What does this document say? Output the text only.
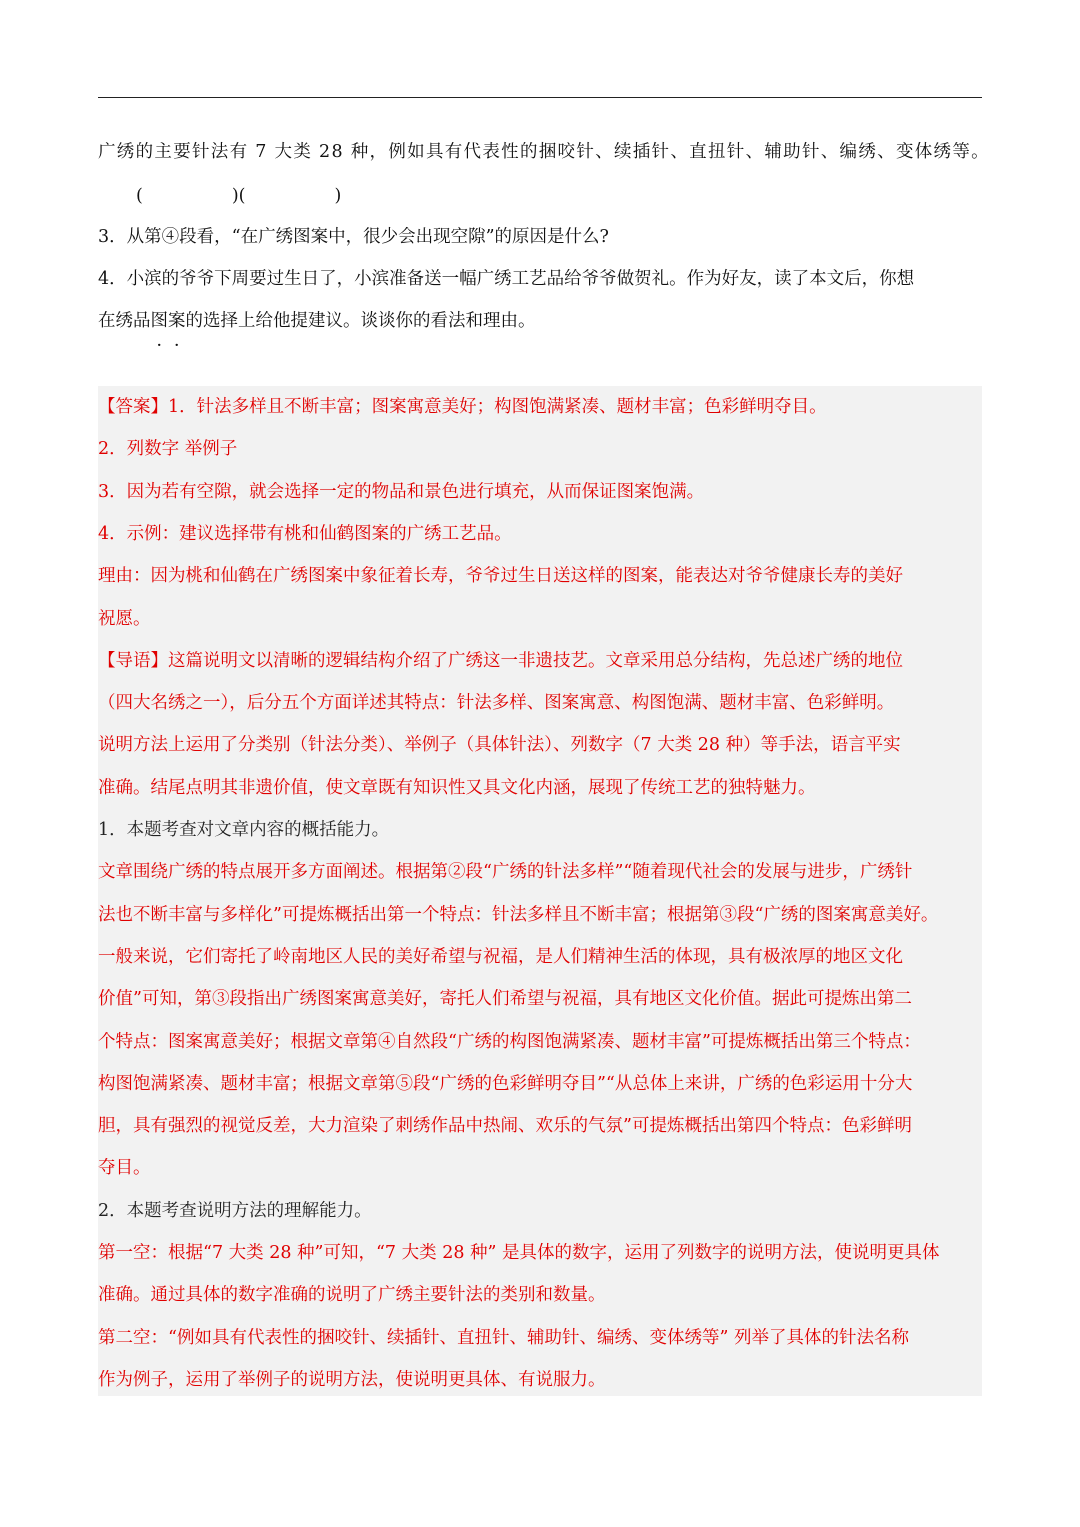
广绣的主要针法有 7 大类 28 种，例如具有代表性的捆咬针、续插针、直扭针、辅助针、编绣、变体绣等。
(                )(                )
3．从第④段看，“在广绣图案中，很少会出现空隙”的原因是什么?
4．小滨的爷爷下周要过生日了，小滨准备送一幅广绣工艺品给爷爷做贺礼。作为好友，读了本文后，你想
在绣品图案的选择上给他提建议。谈谈你的看法和理由。
【答案】1．针法多样且不断丰富；图案寓意美好；构图饱满紧凑、题材丰富；色彩鲜明夺目。
2．列数字 举例子
3．因为若有空隙，就会选择一定的物品和景色进行填充，从而保证图案饱满。
4．示例：建议选择带有桃和仙鹤图案的广绣工艺品。
理由：因为桃和仙鹤在广绣图案中象征着长寿，爷爷过生日送这样的图案，能表达对爷爷健康长寿的美好
祝愿。
【导语】这篇说明文以清晰的逻辑结构介绍了广绣这一非遗技艺。文章采用总分结构，先总述广绣的地位
（四大名绣之一），后分五个方面详述其特点：针法多样、图案寓意、构图饱满、题材丰富、色彩鲜明。
说明方法上运用了分类别（针法分类）、举例子（具体针法）、列数字（7 大类 28 种）等手法，语言平实
准确。结尾点明其非遗价值，使文章既有知识性又具文化内涵，展现了传统工艺的独特魅力。
1．本题考查对文章内容的概括能力。
文章围绕广绣的特点展开多方面阐述。根据第②段“广绣的针法多样”“随着现代社会的发展与进步，广绣针
法也不断丰富与多样化”可提炼概括出第一个特点：针法多样且不断丰富；根据第③段“广绣的图案寓意美好。
一般来说，它们寄托了岭南地区人民的美好希望与祝福，是人们精神生活的体现，具有极浓厚的地区文化
价值”可知，第③段指出广绣图案寓意美好，寄托人们希望与祝福，具有地区文化价值。据此可提炼出第二
个特点：图案寓意美好；根据文章第④自然段“广绣的构图饱满紧凑、题材丰富”可提炼概括出第三个特点：
构图饱满紧凑、题材丰富；根据文章第⑤段“广绣的色彩鲜明夺目”“从总体上来讲，广绣的色彩运用十分大
胆，具有强烈的视觉反差，大力渲染了刺绣作品中热闹、欢乐的气氛”可提炼概括出第四个特点：色彩鲜明
夺目。
2．本题考查说明方法的理解能力。
第一空：根据“7 大类 28 种”可知，“7 大类 28 种” 是具体的数字，运用了列数字的说明方法，使说明更具体
准确。通过具体的数字准确的说明了广绣主要针法的类别和数量。
第二空：“例如具有代表性的捆咬针、续插针、直扭针、辅助针、编绣、变体绣等” 列举了具体的针法名称
作为例子，运用了举例子的说明方法，使说明更具体、有说服力。
